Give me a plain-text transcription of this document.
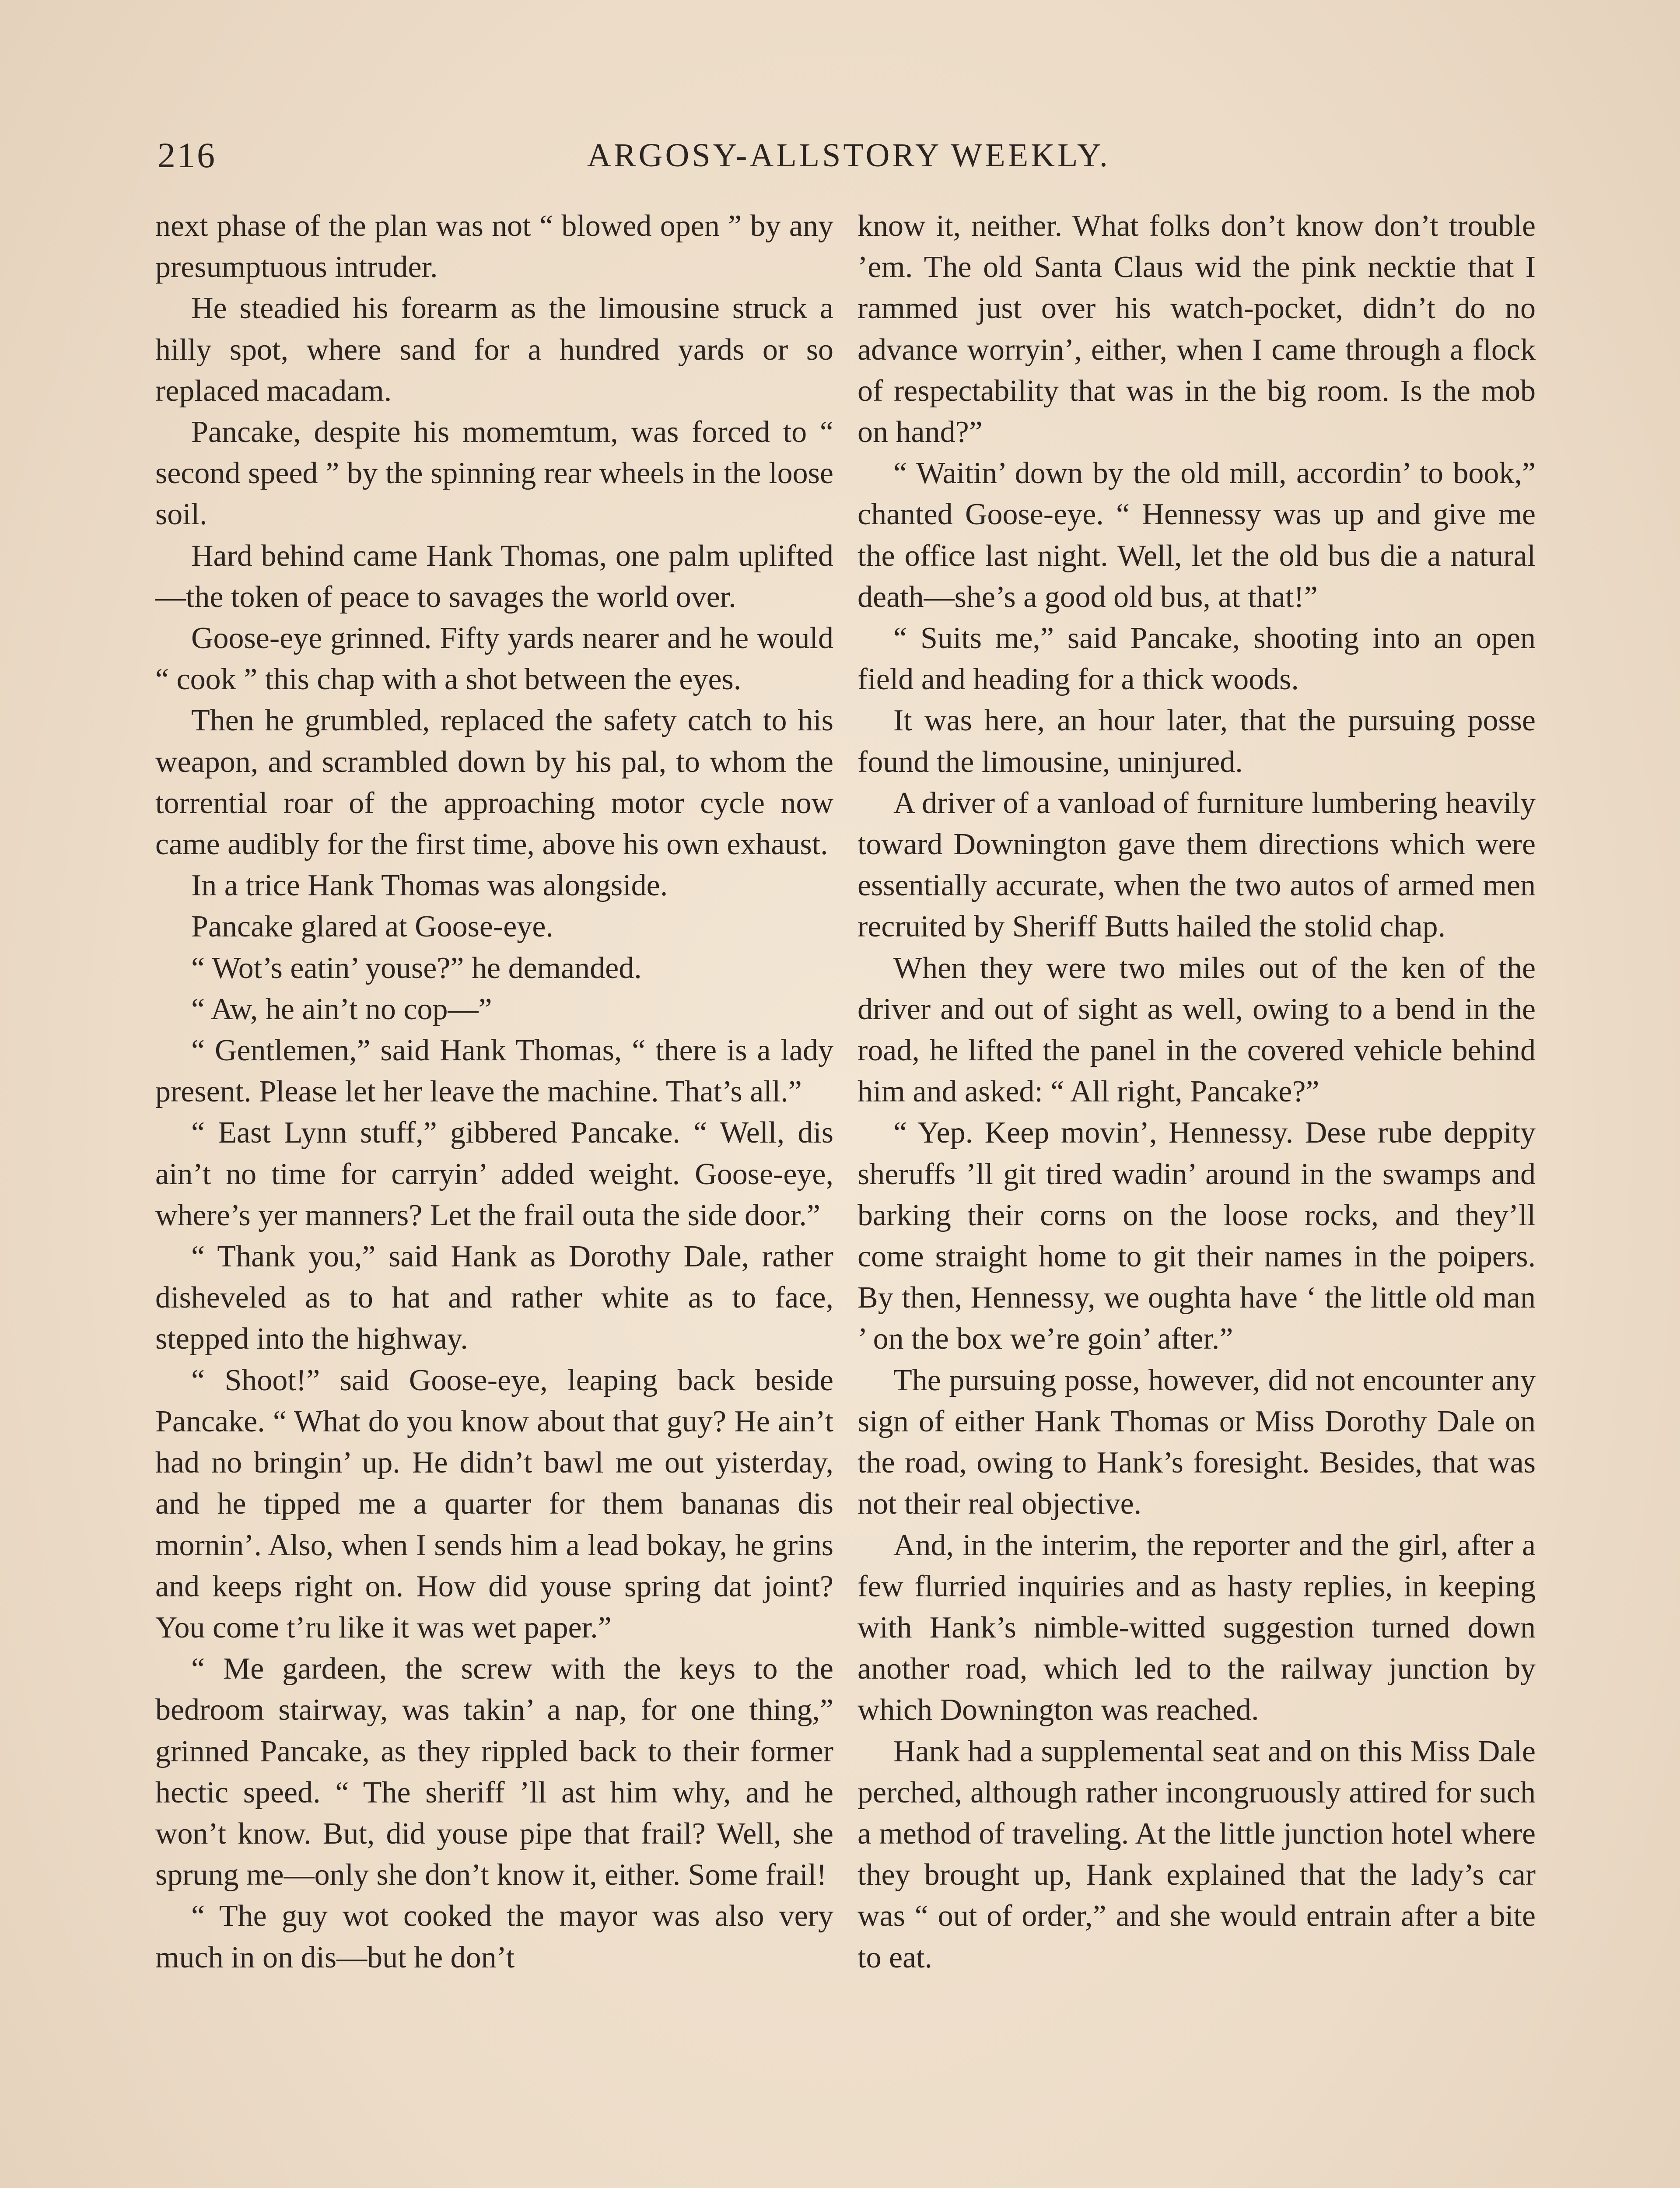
216	ARGOSY-ALLSTORY WEEKLY.

next phase of the plan was not “ blowed open ” by any presumptuous intruder.

He steadied his forearm as the limousine struck a hilly spot, where sand for a hundred yards or so replaced macadam.

Pancake, despite his momemtum, was forced to “ second speed ” by the spinning rear wheels in the loose soil.

Hard behind came Hank Thomas, one palm uplifted—the token of peace to savages the world over.

Goose-eye grinned. Fifty yards nearer and he would “ cook ” this chap with a shot between the eyes.

Then he grumbled, replaced the safety catch to his weapon, and scrambled down by his pal, to whom the torrential roar of the approaching motor cycle now came audibly for the first time, above his own exhaust.

In a trice Hank Thomas was alongside.

Pancake glared at Goose-eye.

“ Wot’s eatin’ youse?” he demanded.

“ Aw, he ain’t no cop—”

“ Gentlemen,” said Hank Thomas, “ there is a lady present. Please let her leave the machine. That’s all.”

“ East Lynn stuff,” gibbered Pancake. “ Well, dis ain’t no time for carryin’ added weight. Goose-eye, where’s yer manners? Let the frail outa the side door.”

“ Thank you,” said Hank as Dorothy Dale, rather disheveled as to hat and rather white as to face, stepped into the highway.

“ Shoot!” said Goose-eye, leaping back beside Pancake. “ What do you know about that guy? He ain’t had no bringin’ up. He didn’t bawl me out yisterday, and he tipped me a quarter for them bananas dis mornin’. Also, when I sends him a lead bokay, he grins and keeps right on. How did youse spring dat joint? You come t’ru like it was wet paper.”

“ Me gardeen, the screw with the keys to the bedroom stairway, was takin’ a nap, for one thing,” grinned Pancake, as they rippled back to their former hectic speed. “ The sheriff ’ll ast him why, and he won’t know. But, did youse pipe that frail? Well, she sprung me—only she don’t know it, either. Some frail!

“ The guy wot cooked the mayor was also very much in on dis—but he don’t

know it, neither. What folks don’t know don’t trouble ’em. The old Santa Claus wid the pink necktie that I rammed just over his watch-pocket, didn’t do no advance worryin’, either, when I came through a flock of respectability that was in the big room. Is the mob on hand?”

“ Waitin’ down by the old mill, accordin’ to book,” chanted Goose-eye. “ Hennessy was up and give me the office last night. Well, let the old bus die a natural death—she’s a good old bus, at that!”

“ Suits me,” said Pancake, shooting into an open field and heading for a thick woods.

It was here, an hour later, that the pursuing posse found the limousine, uninjured.

A driver of a vanload of furniture lumbering heavily toward Downington gave them directions which were essentially accurate, when the two autos of armed men recruited by Sheriff Butts hailed the stolid chap.

When they were two miles out of the ken of the driver and out of sight as well, owing to a bend in the road, he lifted the panel in the covered vehicle behind him and asked: “ All right, Pancake?”

“ Yep. Keep movin’, Hennessy. Dese rube deppity sheruffs ’ll git tired wadin’ around in the swamps and barking their corns on the loose rocks, and they’ll come straight home to git their names in the poipers. By then, Hennessy, we oughta have ‘ the little old man ’ on the box we’re goin’ after.”

The pursuing posse, however, did not encounter any sign of either Hank Thomas or Miss Dorothy Dale on the road, owing to Hank’s foresight. Besides, that was not their real objective.

And, in the interim, the reporter and the girl, after a few flurried inquiries and as hasty replies, in keeping with Hank’s nimble-witted suggestion turned down another road, which led to the railway junction by which Downington was reached.

Hank had a supplemental seat and on this Miss Dale perched, although rather incongruously attired for such a method of traveling. At the little junction hotel where they brought up, Hank explained that the lady’s car was “ out of order,” and she would entrain after a bite to eat.
